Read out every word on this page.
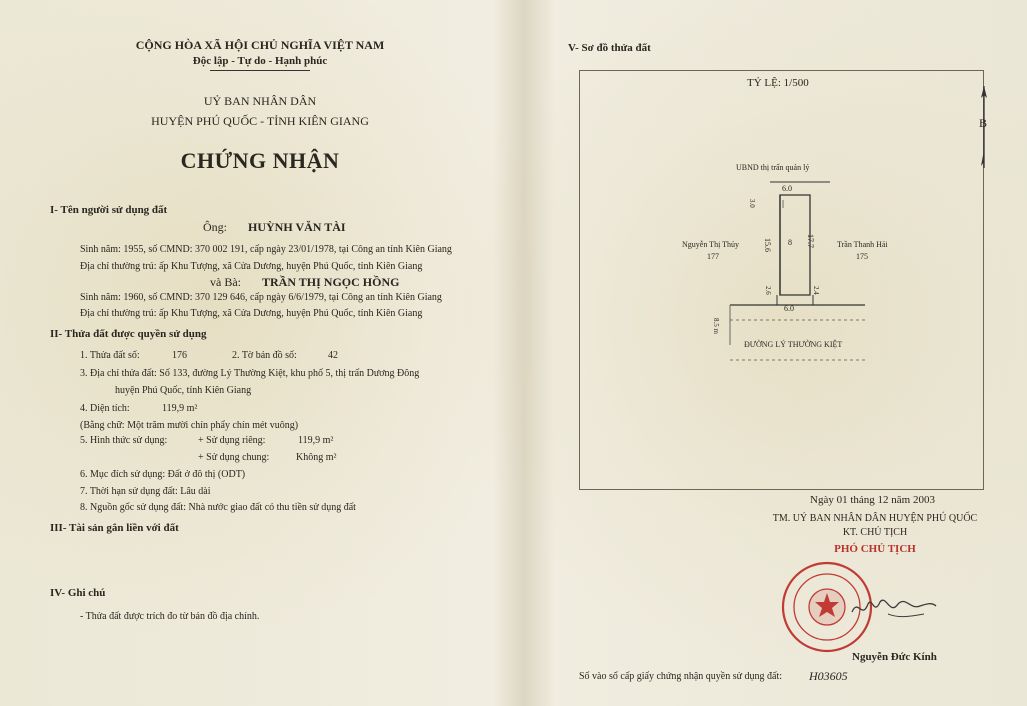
CỘNG HÒA XÃ HỘI CHỦ NGHĨA VIỆT NAM
Độc lập - Tự do - Hạnh phúc
UỶ BAN NHÂN DÂN
HUYỆN PHÚ QUỐC - TỈNH KIÊN GIANG
CHỨNG NHẬN
I- Tên người sử dụng đất
Ông: HUỲNH VĂN TÀI
Sinh năm: 1955, số CMND: 370 002 191, cấp ngày 23/01/1978, tại Công an tỉnh Kiên Giang
Địa chỉ thường trú: ấp Khu Tượng, xã Cửa Dương, huyện Phú Quốc, tỉnh Kiên Giang
và Bà: TRẦN THỊ NGỌC HỒNG
Sinh năm: 1960, số CMND: 370 129 646, cấp ngày 6/6/1979, tại Công an tỉnh Kiên Giang
Địa chỉ thường trú: ấp Khu Tượng, xã Cửa Dương, huyện Phú Quốc, tỉnh Kiên Giang
II- Thửa đất được quyền sử dụng
1. Thửa đất số:	176	2. Tờ bản đồ số:	42
3. Địa chỉ thửa đất: Số 133, đường Lý Thường Kiệt, khu phố 5, thị trấn Dương Đông
huyện Phú Quốc, tỉnh Kiên Giang
4. Diện tích:	119,9 m²
(Bằng chữ: Một trăm mười chín phẩy chín mét vuông)
5. Hình thức sử dụng:	+ Sử dụng riêng:	119,9 m²
+ Sử dụng chung:	Không m²
6. Mục đích sử dụng: Đất ở đô thị (ODT)
7. Thời hạn sử dụng đất: Lâu dài
8. Nguồn gốc sử dụng đất: Nhà nước giao đất có thu tiền sử dụng đất
III- Tài sản gắn liền với đất
IV- Ghi chú
- Thửa đất được trích đo từ bản đồ địa chính.
V- Sơ đồ thửa đất
TỶ LỆ: 1/500
B
UBND thị trấn quản lý
6.0
3.0
15.6 8 17.7
Nguyễn Thị Thủy
177
Trần Thanh Hải
175
2.6	2.4
6.0
8.5 m
ĐƯỜNG LÝ THƯỜNG KIỆT
Ngày 01 tháng 12 năm 2003
TM. UỶ BAN NHÂN DÂN HUYỆN PHÚ QUỐC
KT. CHỦ TỊCH
PHÓ CHỦ TỊCH
Nguyễn Đức Kính
Số vào sổ cấp giấy chứng nhận quyền sử dụng đất: H03605
